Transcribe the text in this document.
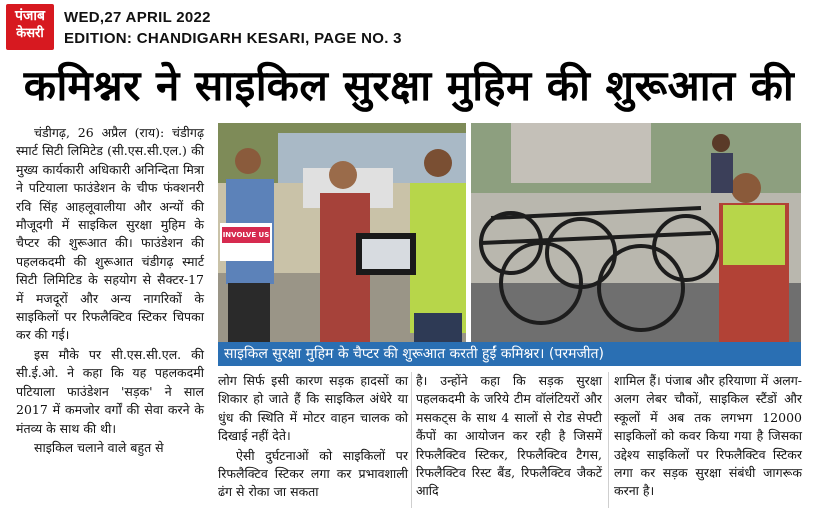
पंजाब
केसरी
WED,27 APRIL 2022
EDITION: CHANDIGARH KESARI, PAGE NO. 3
कमिश्नर ने साइकिल सुरक्षा मुहिम की शुरूआत की

चंडीगढ़, 26 अप्रैल (राय): चंडीगढ़ स्मार्ट सिटी लिमिटेड (सी.एस.सी.एल.) की मुख्य कार्यकारी अधिकारी अनिन्दिता मित्रा ने पटियाला फाउंडेशन के चीफ फंक्शनरी रवि सिंह आहलूवालीया और अन्यों की मौजूदगी में साइकिल सुरक्षा मुहिम के चैप्टर की शुरूआत की। फाउंडेशन की पहलकदमी की शुरूआत चंडीगढ़ स्मार्ट सिटी लिमिटिड के सहयोग से सैक्टर-17 में मजदूरों और अन्य नागरिकों के साइकिलों पर रिफलैक्टिव स्टिकर चिपका कर की गई।

इस मौके पर सी.एस.सी.एल. की सी.ई.ओ. ने कहा कि यह पहलकदमी पटियाला फाउंडेशन 'सड़क' ने साल 2017 में कमजोर वर्गों की सेवा करने के मंतव्य के साथ की थी।

साइकिल चलाने वाले बहुत से

INVOLVE US
साइकिल सुरक्षा मुहिम के चैप्टर की शुरूआत करती हुईं कमिश्नर। (परमजीत)

लोग सिर्फ इसी कारण सड़क हादसों का शिकार हो जाते हैं कि साइकिल अंधेरे या धुंध की स्थिति में मोटर वाहन चालक को दिखाई नहीं देते।

ऐसी दुर्घटनाओं को साइकिलों पर रिफलैक्टिव स्टिकर लगा कर प्रभावशाली ढंग से रोका जा सकता

है। उन्होंने कहा कि सड़क सुरक्षा पहलकदमी के जरिये टीम वॉलंटियरों और मसकट्स के साथ 4 सालों से रोड सेफ्टी कैंपों का आयोजन कर रही है जिसमें रिफलैक्टिव स्टिकर, रिफलैक्टिव टैगस, रिफलैक्टिव रिस्ट बैंड, रिफलैक्टिव जैकटें आदि

शामिल हैं। पंजाब और हरियाणा में अलग-अलग लेबर चौकों, साइकिल स्टैंडों और स्कूलों में अब तक लगभग 12000 साइकिलों को कवर किया गया है जिसका उद्देश्य साइकिलों पर रिफलैक्टिव स्टिकर लगा कर सड़क सुरक्षा संबंधी जागरूक करना है।
